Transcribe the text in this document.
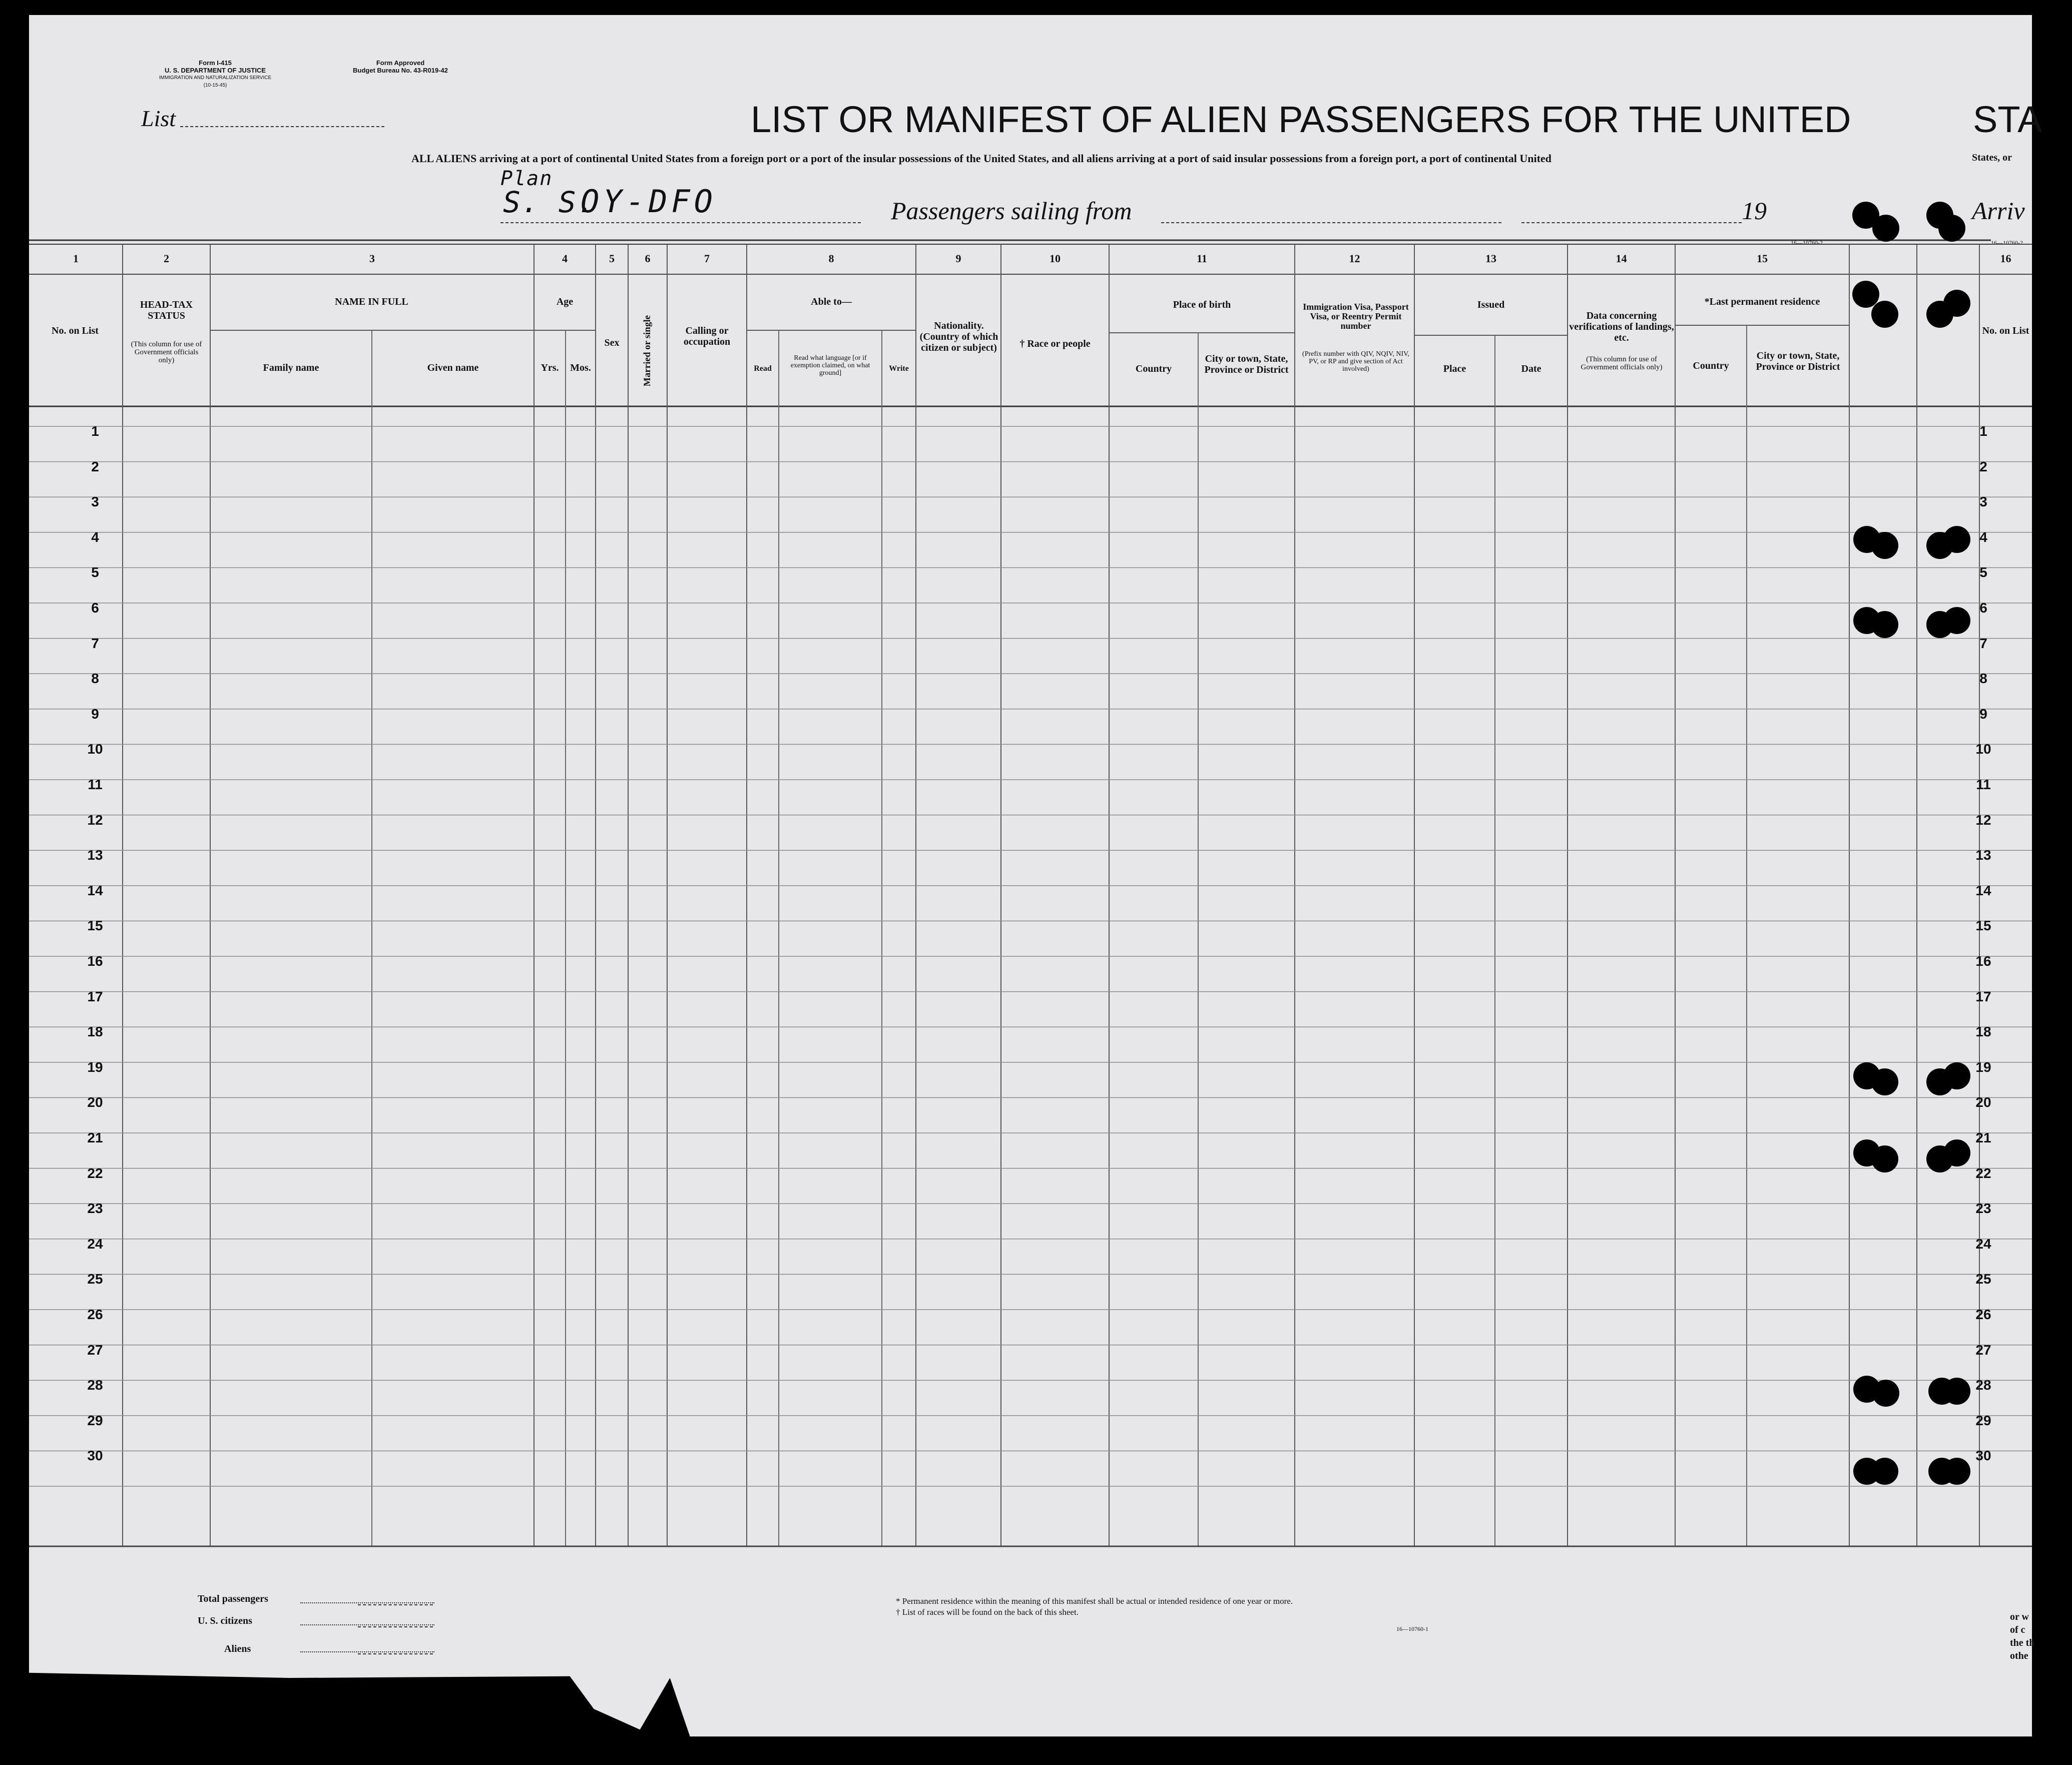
Form I-415
U. S. DEPARTMENT OF JUSTICE
IMMIGRATION AND NATURALIZATION SERVICE
(10-15-45)
Form Approved
Budget Bureau No. 43-R019-42
List	LIST OR MANIFEST OF ALIEN PASSENGERS FOR THE UNITED	STA
ALL ALIENS arriving at a port of continental United States from a foreign port or a port of the insular possessions of the United States, and all aliens arriving at a port of said insular possessions from a foreign port, a port of continental United	States, or
Plan
S. S.
OY-DFO	Passengers sailing from	19	Arriv
16—10760-2	16—10760-2
1	2	3	4	5	6	7	8	9	10	11	12	13	14	15	16
No. on List
HEAD-TAX STATUS
(This column for use of Government officials only)
NAME IN FULL
Family name	Given name
Age
Yrs.	Mos.
Sex
Calling or occupation
Able to—
Read
Read what language [or if exemption claimed, on what ground]
Write
Nationality. (Country of which citizen or subject)	† Race or people
Place of birth
Country
City or town, State, Province or District
Immigration Visa, Passport Visa, or Reentry Permit number
(Prefix number with QIV, NQIV, NIV, PV, or RP and give section of Act involved)
Issued
Place	Date
Data concerning verifications of landings, etc.
(This column for use of Government officials only)
*Last permanent residence
Country
City or town, State, Province or District
No. on List
Married or single
1	1
2	2
3	3
4	4
5	5
6	6
7	7
8	8
9	9
10	10
11	11
12	12
13	13
14	14
15	15
16	16
17	17
18	18
19	19
20	20
21	21
22	22
23	23
24	24
25	25
26	26
27	27
28	28
29	29
30	30
Total passengers
U. S. citizens
Aliens
* Permanent residence within the meaning of this manifest shall be actual or intended residence of one year or more.
† List of races will be found on the back of this sheet.
16—10760-1
or w of c the th othe
